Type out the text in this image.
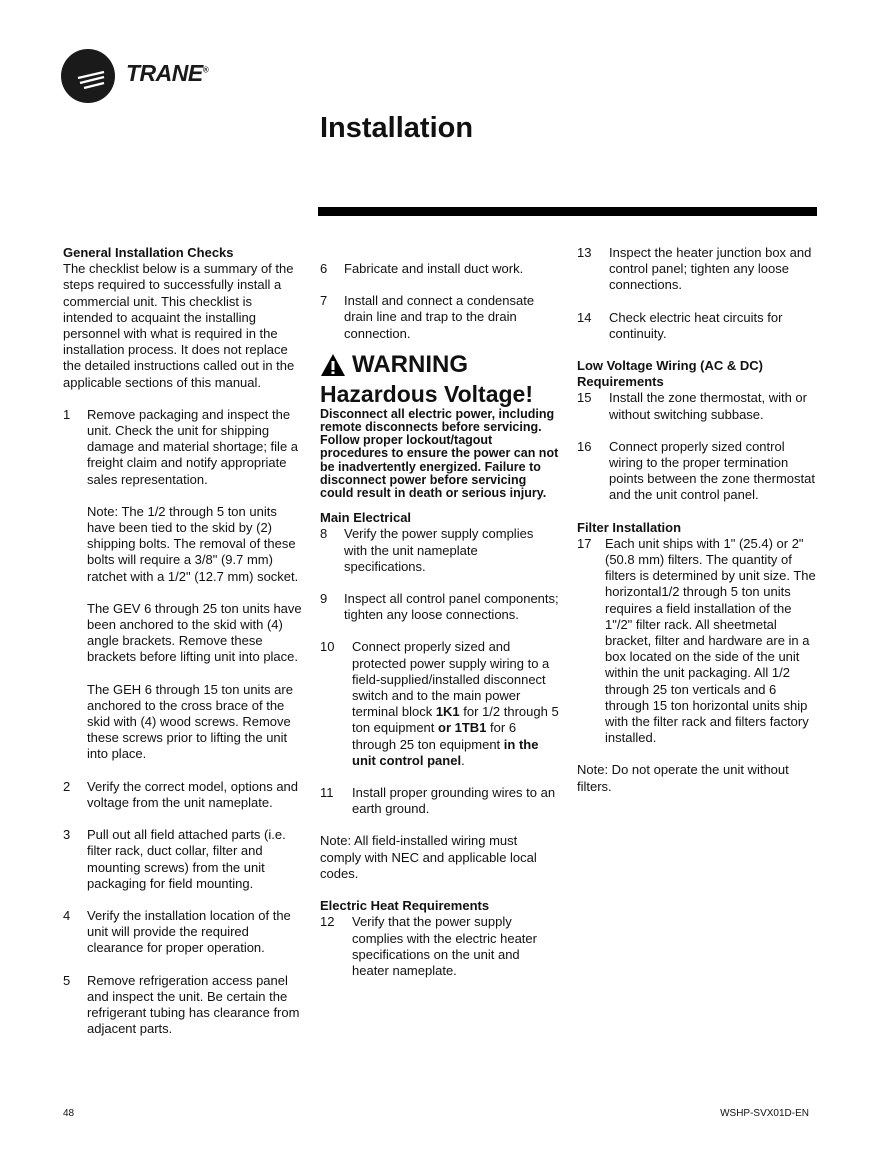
TRANE®
Installation
General Installation Checks

The checklist below is a summary of the steps required to successfully install a commercial unit. This checklist is intended to acquaint the installing personnel with what is required in the installation process. It does not replace the detailed instructions called out in the applicable sections of this manual.

1 Remove packaging and inspect the unit. Check the unit for shipping damage and material shortage; file a freight claim and notify appropriate sales representation.

Note: The 1/2 through 5 ton units have been tied to the skid by (2) shipping bolts. The removal of these bolts will require a 3/8" (9.7 mm) ratchet with a 1/2" (12.7 mm) socket.

The GEV 6 through 25 ton units have been anchored to the skid with (4) angle brackets. Remove these brackets before lifting unit into place.

The GEH 6 through 15 ton units are anchored to the cross brace of the skid with (4) wood screws. Remove these screws prior to lifting the unit into place.

2 Verify the correct model, options and voltage from the unit nameplate.

3 Pull out all field attached parts (i.e. filter rack, duct collar, filter and mounting screws) from the unit packaging for field mounting.

4 Verify the installation location of the unit will provide the required clearance for proper operation.

5 Remove refrigeration access panel and inspect the unit. Be certain the refrigerant tubing has clearance from adjacent parts.

6 Fabricate and install duct work.

7 Install and connect a condensate drain line and trap to the drain connection.

WARNING
Hazardous Voltage!
Disconnect all electric power, including remote disconnects before servicing. Follow proper lockout/tagout procedures to ensure the power can not be inadvertently energized. Failure to disconnect power before servicing could result in death or serious injury.
Main Electrical

8 Verify the power supply complies with the unit nameplate specifications.

9 Inspect all control panel components; tighten any loose connections.

10 Connect properly sized and protected power supply wiring to a field-supplied/installed disconnect switch and to the main power terminal block 1K1 for 1/2 through 5 ton equipment or 1TB1 for 6 through 25 ton equipment in the unit control panel.

11 Install proper grounding wires to an earth ground.

Note: All field-installed wiring must comply with NEC and applicable local codes.

Electric Heat Requirements

12 Verify that the power supply complies with the electric heater specifications on the unit and heater nameplate.

13 Inspect the heater junction box and control panel; tighten any loose connections.

14 Check electric heat circuits for continuity.

Low Voltage Wiring (AC & DC) Requirements

15 Install the zone thermostat, with or without switching subbase.

16 Connect properly sized control wiring to the proper termination points between the zone thermostat and the unit control panel.

Filter Installation

17 Each unit ships with 1" (25.4) or 2" (50.8 mm) filters. The quantity of filters is determined by unit size. The horizontal1/2 through 5 ton units requires a field installation of the 1"/2" filter rack. All sheetmetal bracket, filter and hardware are in a box located on the side of the unit within the unit packaging. All 1/2 through 25 ton verticals and 6 through 15 ton horizontal units ship with the filter rack and filters factory installed.

Note: Do not operate the unit without filters.

48	WSHP-SVX01D-EN
